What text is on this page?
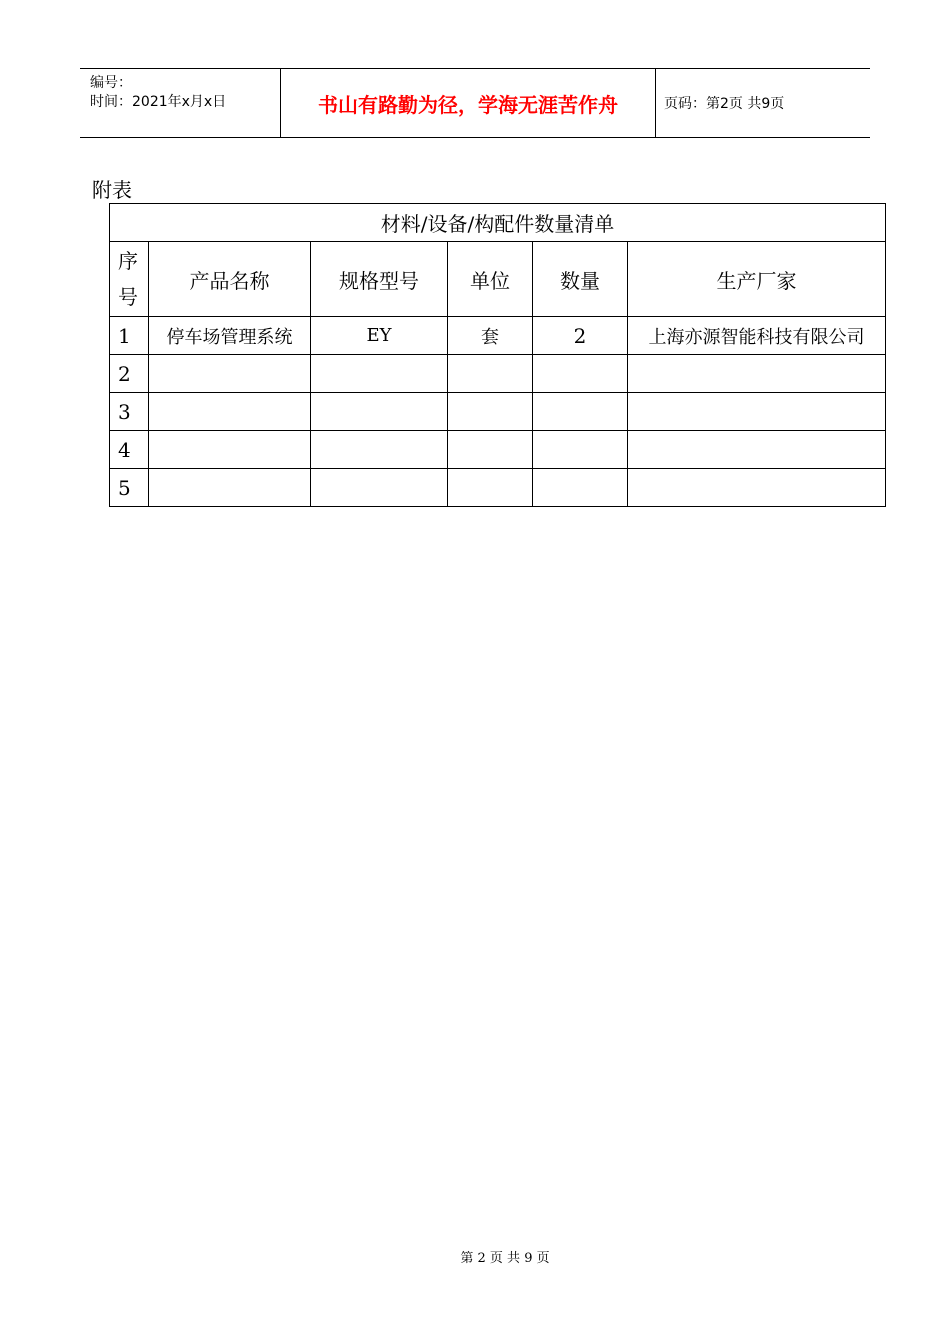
编号：
时间：2021年x月x日	书山有路勤为径，学海无涯苦作舟	页码：第2页 共9页
附表
材料/设备/构配件数量清单					
序
号	产品名称	规格型号	单位	数量	生产厂家
1	停车场管理系统	EY	套	2	上海亦源智能科技有限公司
2					
3					
4					
5					
第 2 页 共 9 页
